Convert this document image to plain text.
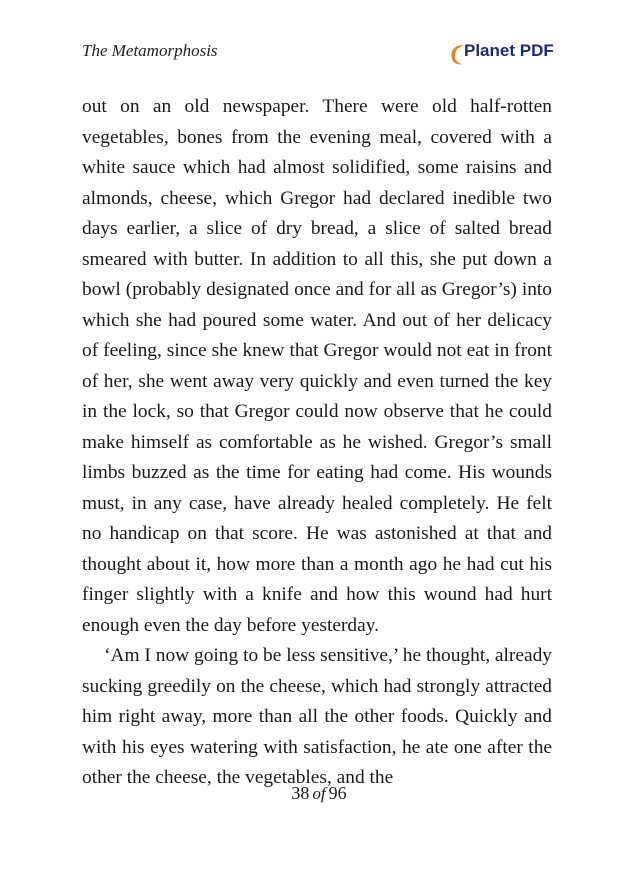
The Metamorphosis	Planet PDF

out on an old newspaper. There were old half-rotten vegetables, bones from the evening meal, covered with a white sauce which had almost solidified, some raisins and almonds, cheese, which Gregor had declared inedible two days earlier, a slice of dry bread, a slice of salted bread smeared with butter. In addition to all this, she put down a bowl (probably designated once and for all as Gregor’s) into which she had poured some water. And out of her delicacy of feeling, since she knew that Gregor would not eat in front of her, she went away very quickly and even turned the key in the lock, so that Gregor could now observe that he could make himself as comfortable as he wished. Gregor’s small limbs buzzed as the time for eating had come. His wounds must, in any case, have already healed completely. He felt no handicap on that score. He was astonished at that and thought about it, how more than a month ago he had cut his finger slightly with a knife and how this wound had hurt enough even the day before yesterday.

‘Am I now going to be less sensitive,’ he thought, already sucking greedily on the cheese, which had strongly attracted him right away, more than all the other foods. Quickly and with his eyes watering with satisfaction, he ate one after the other the cheese, the vegetables, and the

38 of 96
